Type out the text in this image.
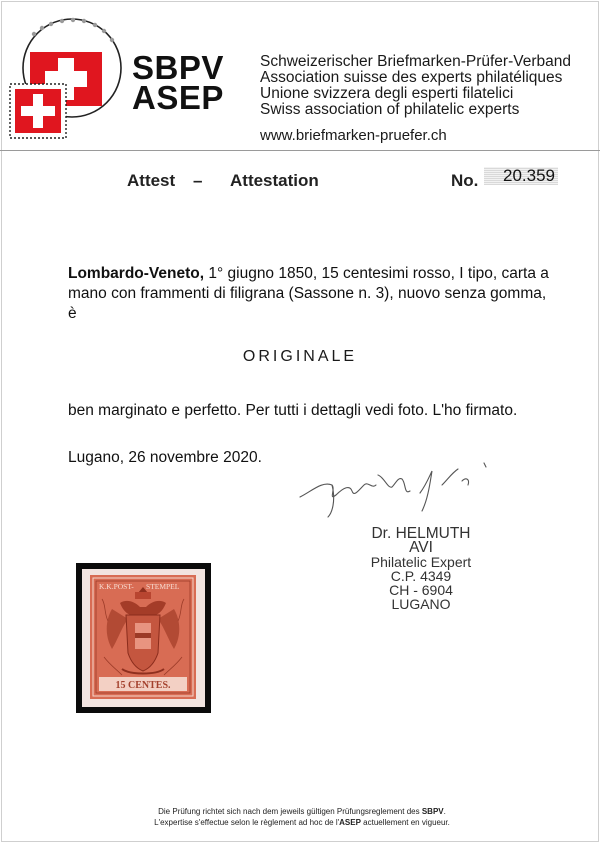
SBPV
ASEP
Schweizerischer Briefmarken-Prüfer-Verband
Association suisse des experts philatéliques
Unione svizzera degli esperti filatelici
Swiss association of philatelic experts
www.briefmarken-pruefer.ch
Attest – Attestation	No. 20.359
Lombardo-Veneto, 1° giugno 1850, 15 centesimi rosso, I tipo, carta a
mano con frammenti di filigrana (Sassone n. 3), nuovo senza gomma,
è
ORIGINALE
ben marginato e perfetto. Per tutti i dettagli vedi foto. L'ho firmato.
Lugano, 26 novembre 2020.
Dr. HELMUTH AVI
Philatelic Expert
C.P. 4349
CH - 6904 LUGANO
K.K.POST- STEMPEL
15 CENTES.
Die Prüfung richtet sich nach dem jeweils gültigen Prüfungsreglement des SBPV.
L'expertise s'effectue selon le règlement ad hoc de l'ASEP actuellement en vigueur.
